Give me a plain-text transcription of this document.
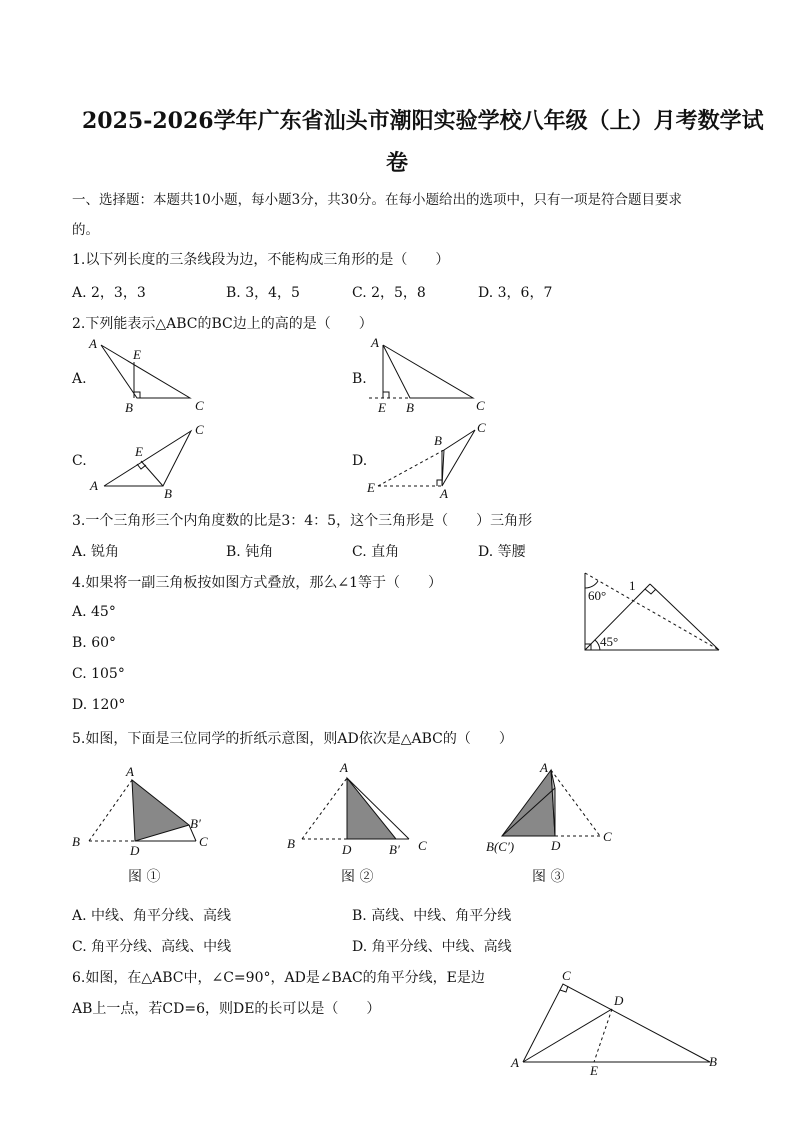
2025-2026学年广东省汕头市潮阳实验学校八年级（上）月考数学试
卷
一、选择题：本题共10小题，每小题3分，共30分。在每小题给出的选项中，只有一项是符合题目要求
的。
1.以下列长度的三条线段为边，不能构成三角形的是（　　）
A. 2，3，3	B. 3，4，5	C. 2，5，8	D. 3，6，7
2.下列能表示△ABC的BC边上的高的是（　　）
A.	B.
C.	D.
A
E
B	C
A
E B	C
E
C
A
B
B
C
E	A
3.一个三角形三个内角度数的比是3：4：5，这个三角形是（　　）三角形
A. 锐角	B. 钝角	C. 直角	D. 等腰
4.如果将一副三角板按如图方式叠放，那么∠1等于（　　）
A. 45°
B. 60°
C. 105°
D. 120°
60°
1
45°
5.如图，下面是三位同学的折纸示意图，则AD依次是△ABC的（　　）
A
B
D
B′
C
图 ①
A
B	D	B′ C
图 ②
A
B(C′)	D
C
图 ③
A. 中线、角平分线、高线	B. 高线、中线、角平分线
C. 角平分线、高线、中线	D. 角平分线、中线、高线
6.如图，在△ABC中，∠C=90°，AD是∠BAC的角平分线，E是边
AB上一点，若CD=6，则DE的长可以是（　　）
C
D
A
E
B
